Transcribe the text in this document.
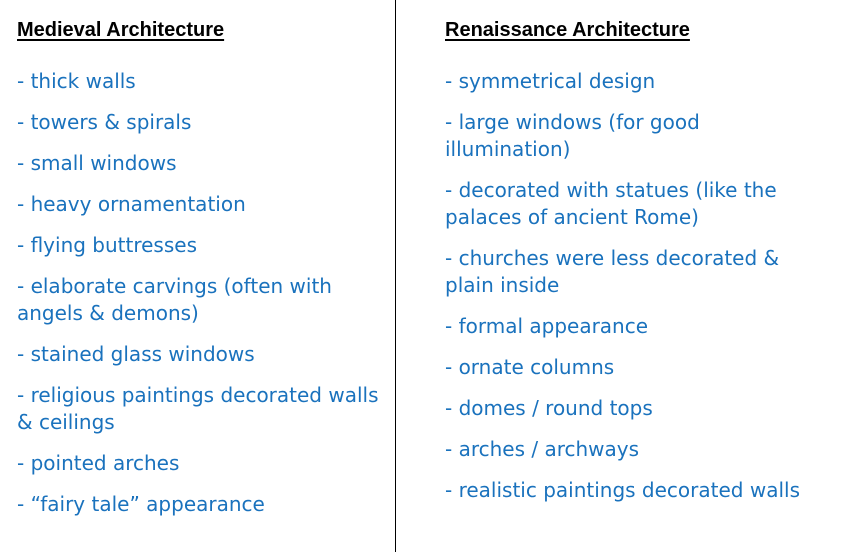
Medieval Architecture
- thick walls
- towers & spirals
- small windows
- heavy ornamentation
- flying buttresses
- elaborate carvings (often with angels & demons)
- stained glass windows
- religious paintings decorated walls & ceilings
- pointed arches
- “fairy tale” appearance
Renaissance Architecture
- symmetrical design
- large windows (for good illumination)
- decorated with statues (like the palaces of ancient Rome)
- churches were less decorated & plain inside
- formal appearance
- ornate columns
- domes / round tops
- arches / archways
- realistic paintings decorated walls
